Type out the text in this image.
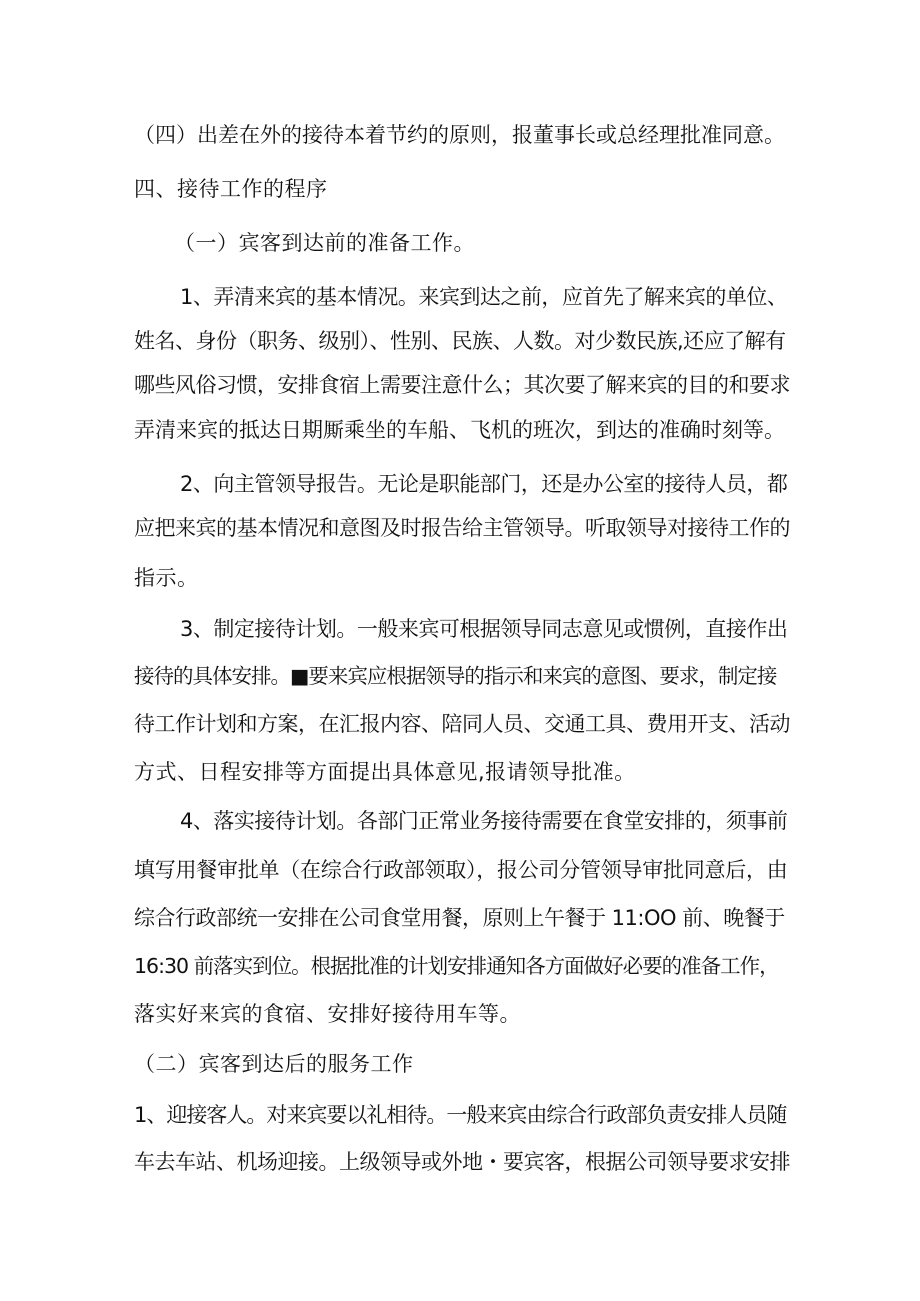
（四）出差在外的接待本着节约的原则，报董事长或总经理批准同意。
四、接待工作的程序
（一）宾客到达前的准备工作。
1、弄清来宾的基本情况。来宾到达之前，应首先了解来宾的单位、
姓名、身份（职务、级别）、性别、民族、人数。对少数民族,还应了解有
哪些风俗习惯，安排食宿上需要注意什么；其次要了解来宾的目的和要求
弄清来宾的抵达日期厮乘坐的车船、飞机的班次，到达的准确时刻等。
2、向主管领导报告。无论是职能部门，还是办公室的接待人员，都
应把来宾的基本情况和意图及时报告给主管领导。听取领导对接待工作的
指示。
3、制定接待计划。一般来宾可根据领导同志意见或惯例，直接作出
接待的具体安排。■要来宾应根据领导的指示和来宾的意图、要求，制定接
待工作计划和方案，在汇报内容、陪同人员、交通工具、费用开支、活动
方式、日程安排等方面提出具体意见,报请领导批准。
4、落实接待计划。各部门正常业务接待需要在食堂安排的，须事前
填写用餐审批单（在综合行政部领取），报公司分管领导审批同意后，由
综合行政部统一安排在公司食堂用餐，原则上午餐于 11:OO 前、晚餐于
16:30 前落实到位。根据批准的计划安排通知各方面做好必要的准备工作，
落实好来宾的食宿、安排好接待用车等。
（二）宾客到达后的服务工作
1、迎接客人。对来宾要以礼相待。一般来宾由综合行政部负责安排人员随
车去车站、机场迎接。上级领导或外地・要宾客，根据公司领导要求安排
